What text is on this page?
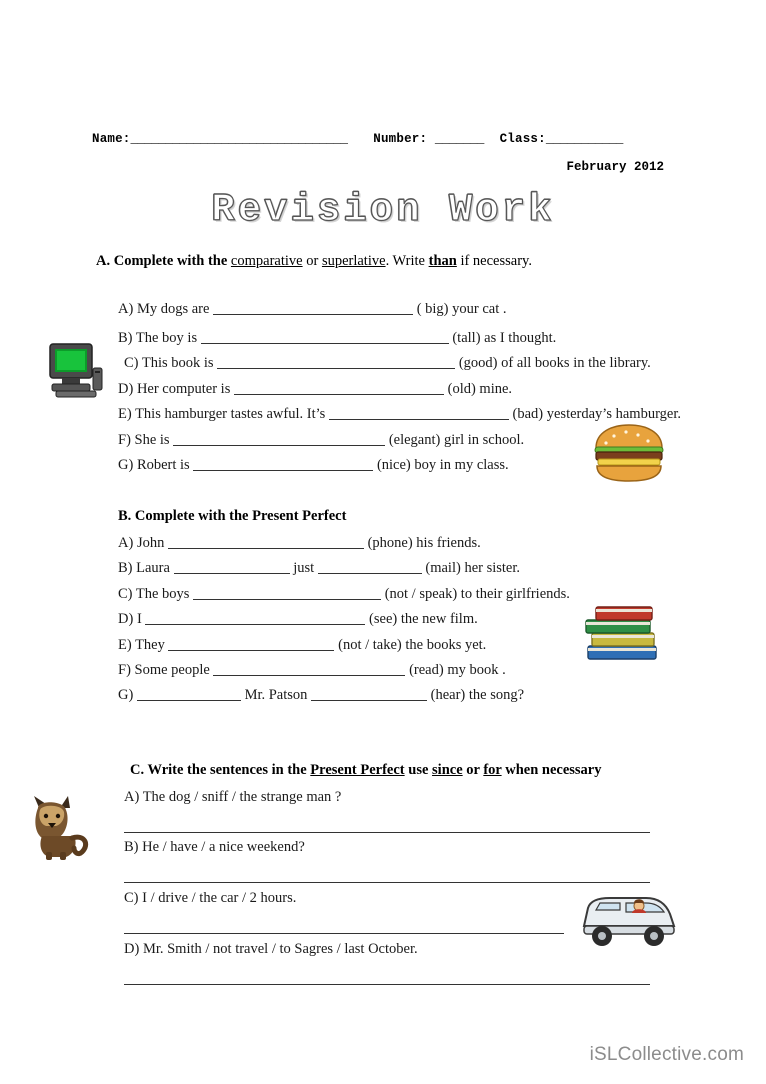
Name:_______________________________ Number: _______ Class:___________
February 2012
Revision Work
A. Complete with the comparative or superlative. Write than if necessary.
A) My dogs are	( big) your cat .
B) The boy is	(tall) as I thought.
C) This book is	(good) of all books in the library.
D) Her computer is	(old) mine.
E) This hamburger tastes awful. It’s	(bad) yesterday’s hamburger.
F) She is	(elegant) girl in school.
G) Robert is	(nice) boy in my class.
B. Complete with the Present Perfect
A) John	(phone) his friends.
B) Laura	just	(mail) her sister.
C) The boys	(not / speak) to their girlfriends.
D) I	(see) the new film.
E) They	(not / take) the books yet.
F) Some people	(read) my book .
G)	Mr. Patson	(hear) the song?
C. Write the sentences in the Present Perfect use since or for when necessary
A) The dog / sniff / the strange man ?
B) He / have / a nice weekend?
C) I / drive / the car / 2 hours.
D) Mr. Smith / not travel / to Sagres / last October.
iSLCollective.com
